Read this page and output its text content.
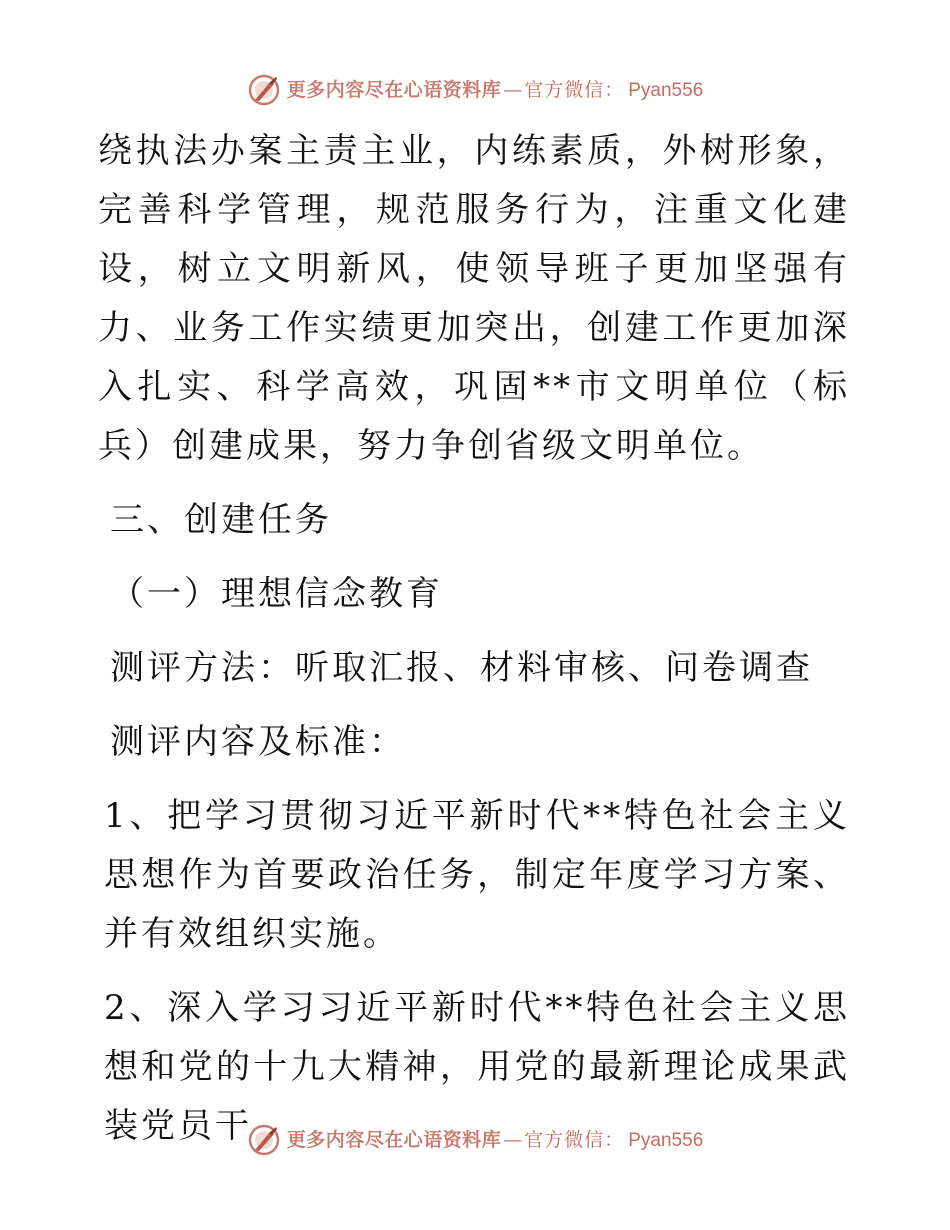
更多内容尽在心语资料库 — 官方微信： Pyan556

绕执法办案主责主业，内练素质，外树形象，完善科学管理，规范服务行为，注重文化建设，树立文明新风，使领导班子更加坚强有力、业务工作实绩更加突出，创建工作更加深入扎实、科学高效，巩固**市文明单位（标兵）创建成果，努力争创省级文明单位。

三、创建任务

（一）理想信念教育

测评方法：听取汇报、材料审核、问卷调查

测评内容及标准：

1、把学习贯彻习近平新时代**特色社会主义思想作为首要政治任务，制定年度学习方案、并有效组织实施。

2、深入学习习近平新时代**特色社会主义思想和党的十九大精神，用党的最新理论成果武装党员干	更多内容尽在心语资料库 — 官方微信： Pyan556
